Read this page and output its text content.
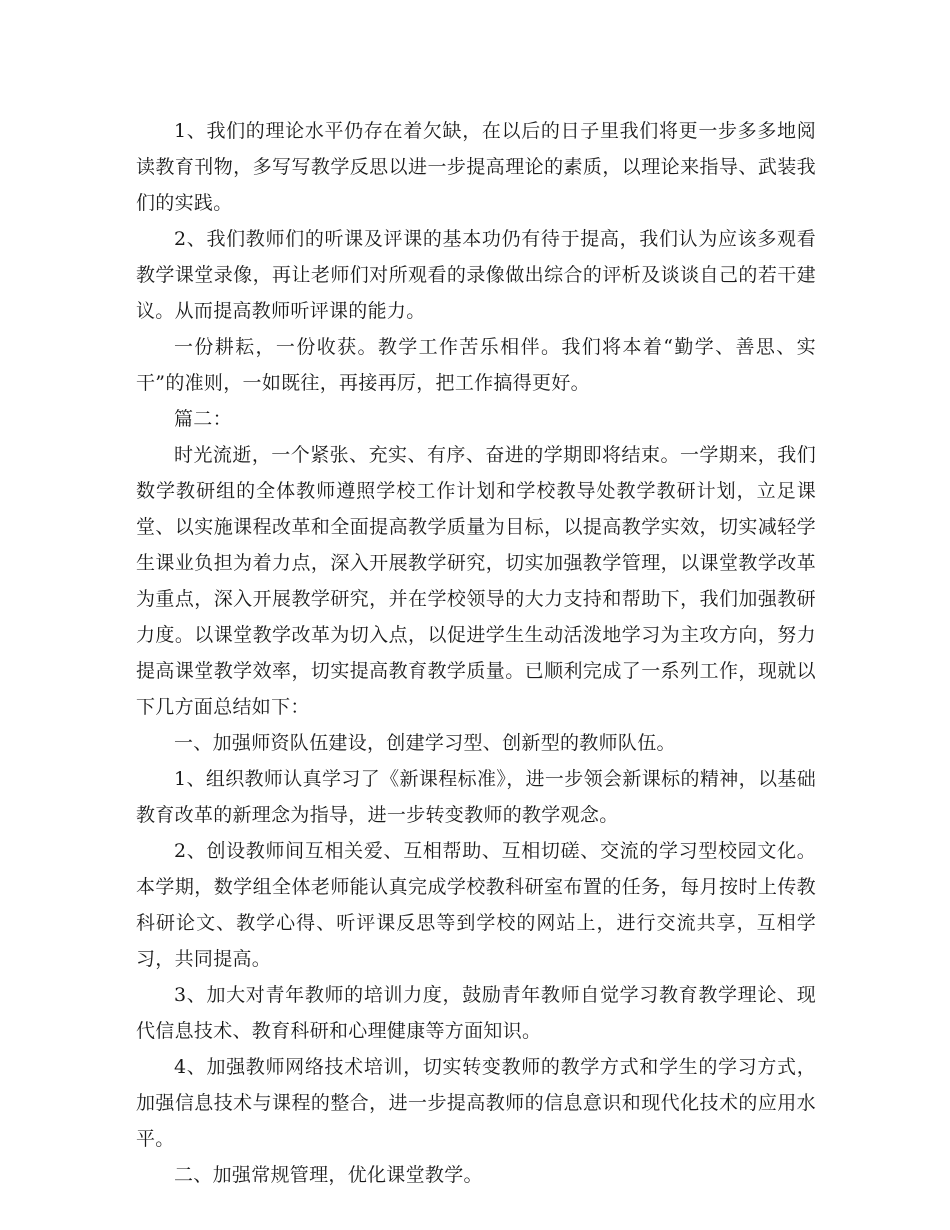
1、我们的理论水平仍存在着欠缺，在以后的日子里我们将更一步多多地阅读教育刊物，多写写教学反思以进一步提高理论的素质，以理论来指导、武装我们的实践。

2、我们教师们的听课及评课的基本功仍有待于提高，我们认为应该多观看教学课堂录像，再让老师们对所观看的录像做出综合的评析及谈谈自己的若干建议。从而提高教师听评课的能力。

一份耕耘，一份收获。教学工作苦乐相伴。我们将本着“勤学、善思、实干”的准则，一如既往，再接再厉，把工作搞得更好。

篇二：

时光流逝，一个紧张、充实、有序、奋进的学期即将结束。一学期来，我们数学教研组的全体教师遵照学校工作计划和学校教导处教学教研计划，立足课堂、以实施课程改革和全面提高教学质量为目标，以提高教学实效，切实减轻学生课业负担为着力点，深入开展教学研究，切实加强教学管理，以课堂教学改革为重点，深入开展教学研究，并在学校领导的大力支持和帮助下，我们加强教研力度。以课堂教学改革为切入点，以促进学生生动活泼地学习为主攻方向，努力提高课堂教学效率，切实提高教育教学质量。已顺利完成了一系列工作，现就以下几方面总结如下：

一、加强师资队伍建设，创建学习型、创新型的教师队伍。

1、组织教师认真学习了《新课程标准》，进一步领会新课标的精神，以基础教育改革的新理念为指导，进一步转变教师的教学观念。

2、创设教师间互相关爱、互相帮助、互相切磋、交流的学习型校园文化。本学期，数学组全体老师能认真完成学校教科研室布置的任务，每月按时上传教科研论文、教学心得、听评课反思等到学校的网站上，进行交流共享，互相学习，共同提高。

3、加大对青年教师的培训力度，鼓励青年教师自觉学习教育教学理论、现代信息技术、教育科研和心理健康等方面知识。

4、加强教师网络技术培训，切实转变教师的教学方式和学生的学习方式，加强信息技术与课程的整合，进一步提高教师的信息意识和现代化技术的应用水平。

二、加强常规管理，优化课堂教学。
